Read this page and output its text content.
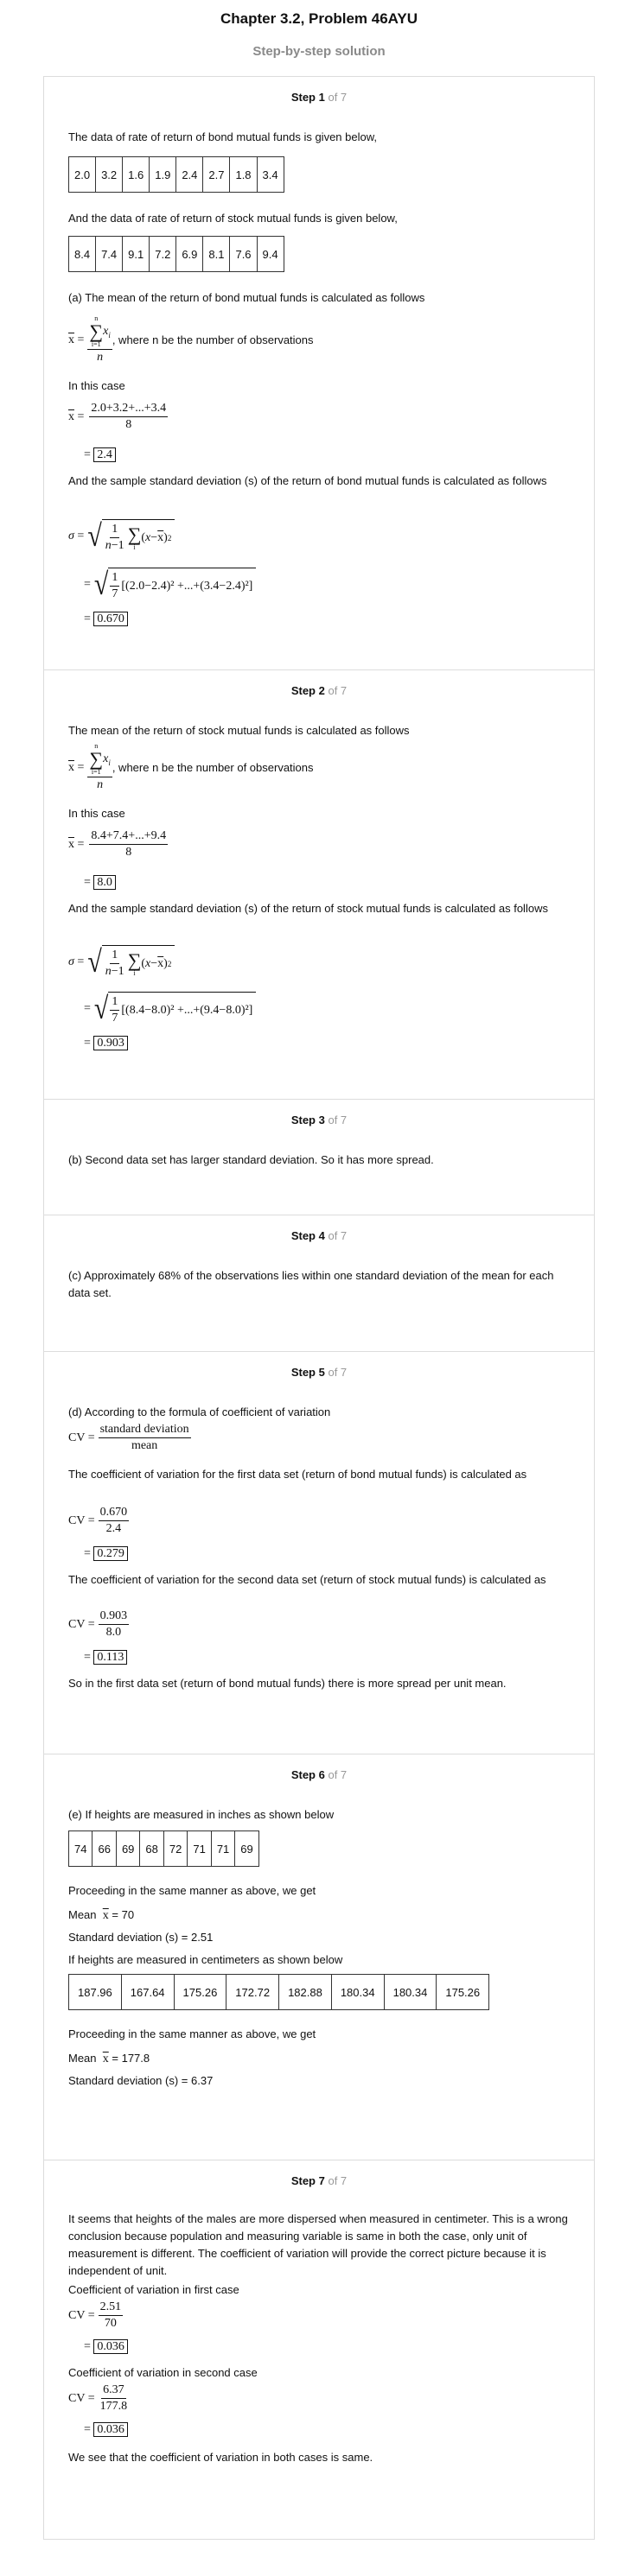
Chapter 3.2, Problem 46AYU
Step-by-step solution
Step 1 of 7

The data of rate of return of bond mutual funds is given below,

2.0	3.2	1.6	1.9	2.4	2.7	1.8	3.4

And the data of rate of return of stock mutual funds is given below,

8.4	7.4	9.1	7.2	6.9	8.1	7.6	9.4

(a) The mean of the return of bond mutual funds is calculated as follows

$\overline{x} = n$
∑
i=1
$x_i$
n , where n be the number of observations

In this case

$\overline{x} = \frac{2.0+3.2+...+3.4}{8}$
= 2.4

And the sample standard deviation (s) of the return of bond mutual funds is calculated as follows

σ = √ $\frac{1}{n-1}$ ∑
i
( $x - \overline{x}$ ) 2
= √ $\frac{1}{7}$ [ (2.0−2.4)² +...+(3.4−2.4)² ]
= 0.670
Step 2 of 7

The mean of the return of stock mutual funds is calculated as follows

$\overline{x} = n$
∑
i=1
$x_i$
n , where n be the number of observations

In this case

$\overline{x} = \frac{8.4+7.4+...+9.4}{8}$
= 8.0

And the sample standard deviation (s) of the return of stock mutual funds is calculated as follows

σ = √ $\frac{1}{n-1}$ ∑
i
( $x - \overline{x}$ ) 2
= √ $\frac{1}{7}$ [ (8.4−8.0)² +...+(9.4−8.0)² ]
= 0.903
Step 3 of 7

(b) Second data set has larger standard deviation. So it has more spread.

Step 4 of 7

(c) Approximately 68% of the observations lies within one standard deviation of the mean for each data set.

Step 5 of 7

(d) According to the formula of coefficient of variation

CV = $\frac{\text{standard deviation}}{\text{mean}}$

The coefficient of variation for the first data set (return of bond mutual funds) is calculated as

CV = $\frac{0.670}{2.4}$
= 0.279

The coefficient of variation for the second data set (return of stock mutual funds) is calculated as

CV = $\frac{0.903}{8.0}$
= 0.113

So in the first data set (return of bond mutual funds) there is more spread per unit mean.

Step 6 of 7

(e) If heights are measured in inches as shown below

74	66	69	68	72	71	71	69

Proceeding in the same manner as above, we get

Mean $\overline{x} = 70$

Standard deviation (s) = 2.51

If heights are measured in centimeters as shown below

187.96	167.64	175.26	172.72	182.88	180.34	180.34	175.26

Proceeding in the same manner as above, we get

Mean $\overline{x} = 177.8$

Standard deviation (s) = 6.37

Step 7 of 7

It seems that heights of the males are more dispersed when measured in centimeter. This is a wrong conclusion because population and measuring variable is same in both the case, only unit of measurement is different. The coefficient of variation will provide the correct picture because it is independent of unit.

Coefficient of variation in first case

CV = $\frac{2.51}{70}$
= 0.036

Coefficient of variation in second case

CV = $\frac{6.37}{177.8}$
= 0.036

We see that the coefficient of variation in both cases is same.
